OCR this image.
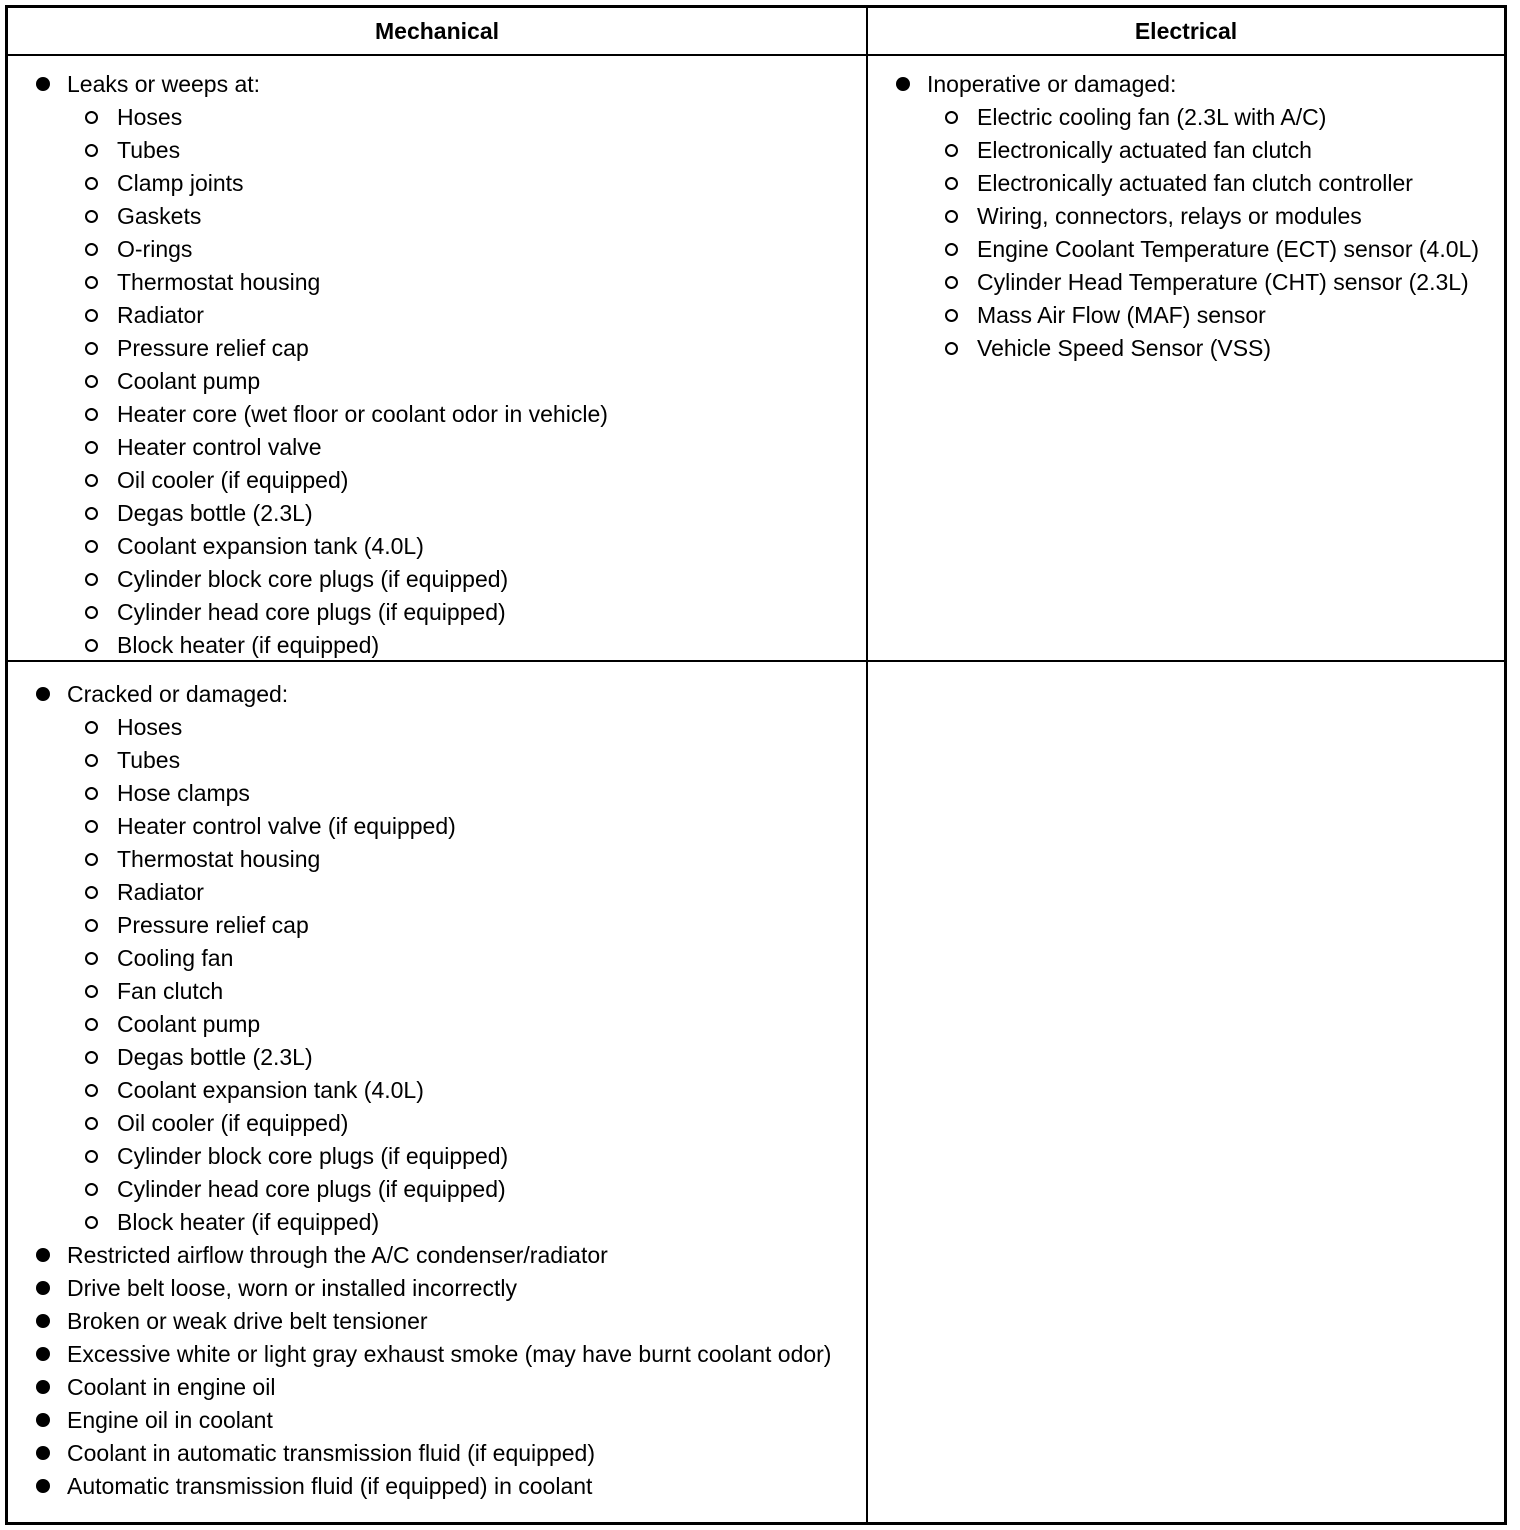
Mechanical	Electrical
Leaks or weeps at:
Hoses
Tubes
Clamp joints
Gaskets
O-rings
Thermostat housing
Radiator
Pressure relief cap
Coolant pump
Heater core (wet floor or coolant odor in vehicle)
Heater control valve
Oil cooler (if equipped)
Degas bottle (2.3L)
Coolant expansion tank (4.0L)
Cylinder block core plugs (if equipped)
Cylinder head core plugs (if equipped)
Block heater (if equipped)
Inoperative or damaged:
Electric cooling fan (2.3L with A/C)
Electronically actuated fan clutch
Electronically actuated fan clutch controller
Wiring, connectors, relays or modules
Engine Coolant Temperature (ECT) sensor (4.0L)
Cylinder Head Temperature (CHT) sensor (2.3L)
Mass Air Flow (MAF) sensor
Vehicle Speed Sensor (VSS)
Cracked or damaged:
Hoses
Tubes
Hose clamps
Heater control valve (if equipped)
Thermostat housing
Radiator
Pressure relief cap
Cooling fan
Fan clutch
Coolant pump
Degas bottle (2.3L)
Coolant expansion tank (4.0L)
Oil cooler (if equipped)
Cylinder block core plugs (if equipped)
Cylinder head core plugs (if equipped)
Block heater (if equipped)
Restricted airflow through the A/C condenser/radiator
Drive belt loose, worn or installed incorrectly
Broken or weak drive belt tensioner
Excessive white or light gray exhaust smoke (may have burnt coolant odor)
Coolant in engine oil
Engine oil in coolant
Coolant in automatic transmission fluid (if equipped)
Automatic transmission fluid (if equipped) in coolant
